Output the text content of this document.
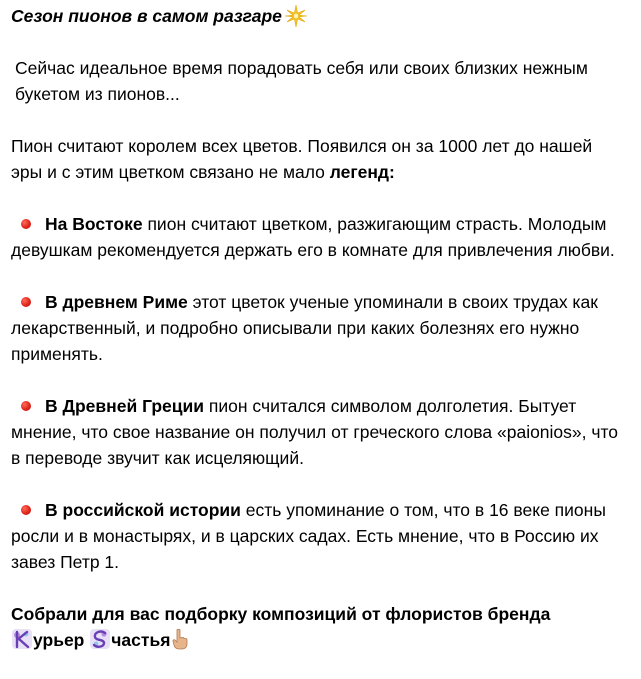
Сезон пионов в самом разгаре

Сейчас идеальное время порадовать себя или своих близких нежным букетом из пионов...

Пион считают королем всех цветов. Появился он за 1000 лет до нашей эры и с этим цветком связано не мало легенд:

На Востоке пион считают цветком, разжигающим страсть. Молодым девушкам рекомендуется держать его в комнате для привлечения любви.

В древнем Риме этот цветок ученые упоминали в своих трудах как лекарственный, и подробно описывали при каких болезнях его нужно применять.

В Древней Греции пион считался символом долголетия. Бытует мнение, что свое название он получил от греческого слова «paionios», что в переводе звучит как исцеляющий.

В российской истории есть упоминание о том, что в 16 веке пионы росли и в монастырях, и в царских садах. Есть мнение, что в Россию их завез Петр 1.

Собрали для вас подборку композиций от флористов бренда
урьер частья
